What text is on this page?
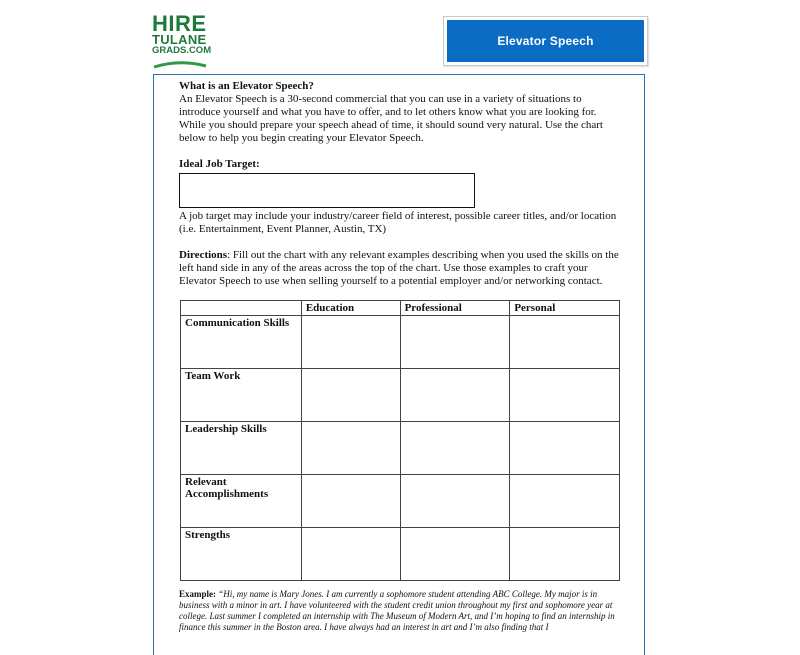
HIRE
TULANE
GRADS.COM
Elevator Speech

What is an Elevator Speech?

An Elevator Speech is a 30-second commercial that you can use in a variety of situations to introduce yourself and what you have to offer, and to let others know what you are looking for. While you should prepare your speech ahead of time, it should sound very natural. Use the chart below to help you begin creating your Elevator Speech.

Ideal Job Target:

A job target may include your industry/career field of interest, possible career titles, and/or location (i.e. Entertainment, Event Planner, Austin, TX)

Directions: Fill out the chart with any relevant examples describing when you used the skills on the left hand side in any of the areas across the top of the chart. Use those examples to craft your Elevator Speech to use when selling yourself to a potential employer and/or networking contact.

	Education	Professional	Personal
Communication Skills			
Team Work			
Leadership Skills			
Relevant Accomplishments			
Strengths			
Example: “Hi, my name is Mary Jones. I am currently a sophomore student attending ABC College. My major is in business with a minor in art. I have volunteered with the student credit union throughout my first and sophomore year at college. Last summer I completed an internship with The Museum of Modern Art, and I’m hoping to find an internship in finance this summer in the Boston area. I have always had an interest in art and I’m also finding that I
